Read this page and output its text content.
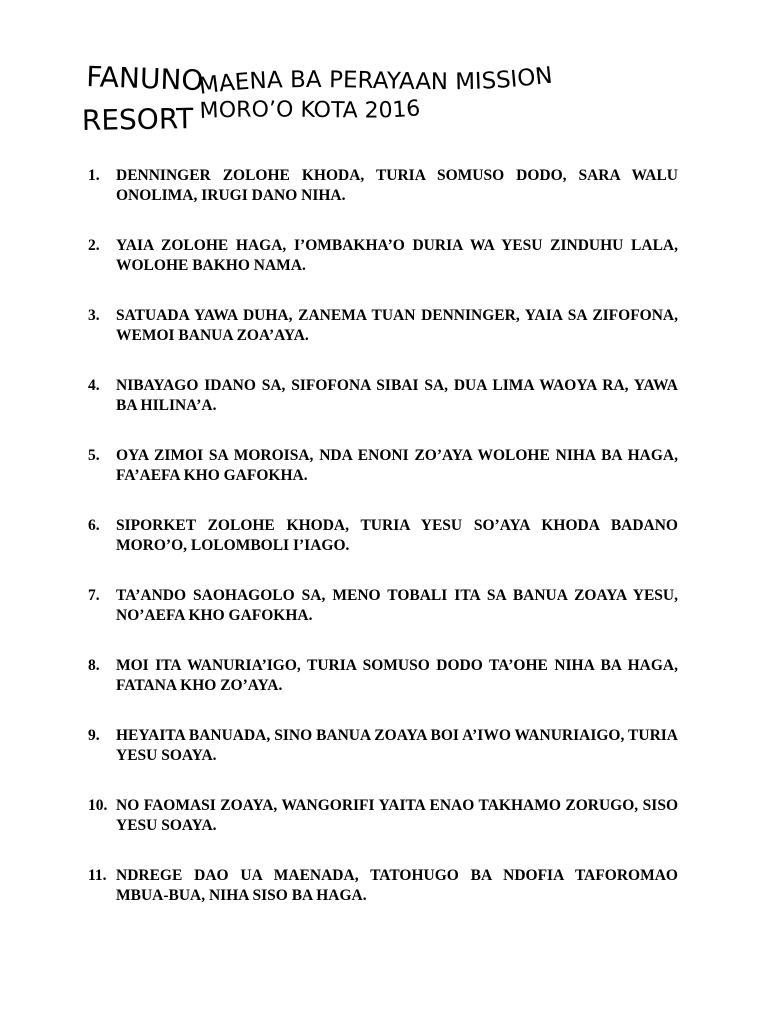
FANUNO
MAENA BA PERAYAAN MISSION
RESORT MORO’O KOTA 2016
1.	DENNINGER ZOLOHE KHODA, TURIA SOMUSO DODO, SARA WALU ONOLIMA, IRUGI DANO NIHA.
2.	YAIA ZOLOHE HAGA, I’OMBAKHA’O DURIA WA YESU ZINDUHU LALA, WOLOHE BAKHO NAMA.
3.	SATUADA YAWA DUHA, ZANEMA TUAN DENNINGER, YAIA SA ZIFOFONA, WEMOI BANUA ZOA’AYA.
4.	NIBAYAGO IDANO SA, SIFOFONA SIBAI SA, DUA LIMA WAOYA RA, YAWA BA HILINA’A.
5.	OYA ZIMOI SA MOROISA, NDA ENONI ZO’AYA WOLOHE NIHA BA HAGA, FA’AEFA KHO GAFOKHA.
6.	SIPORKET ZOLOHE KHODA, TURIA YESU SO’AYA KHODA BADANO MORO’O, LOLOMBOLI I’IAGO.
7.	TA’ANDO SAOHAGOLO SA, MENO TOBALI ITA SA BANUA ZOAYA YESU, NO’AEFA KHO GAFOKHA.
8.	MOI ITA WANURIA’IGO, TURIA SOMUSO DODO TA’OHE NIHA BA HAGA, FATANA KHO ZO’AYA.
9.	HEYAITA BANUADA, SINO BANUA ZOAYA BOI A’IWO WANURIAIGO, TURIA YESU SOAYA.
10. NO FAOMASI ZOAYA, WANGORIFI YAITA ENAO TAKHAMO ZORUGO, SISO YESU SOAYA.
11. NDREGE DAO UA MAENADA, TATOHUGO BA NDOFIA TAFOROMAO MBUA-BUA, NIHA SISO BA HAGA.
